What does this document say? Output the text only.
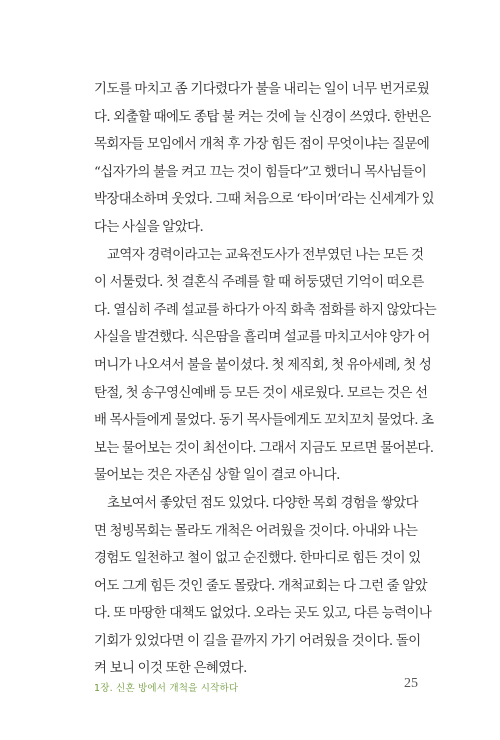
기도를 마치고 좀 기다렸다가 불을 내리는 일이 너무 번거로웠
다. 외출할 때에도 종탑 불 켜는 것에 늘 신경이 쓰였다. 한번은
목회자들 모임에서 개척 후 가장 힘든 점이 무엇이냐는 질문에
“십자가의 불을 켜고 끄는 것이 힘들다”고 했더니 목사님들이
박장대소하며 웃었다. 그때 처음으로 ‘타이머’라는 신세계가 있
다는 사실을 알았다.
교역자 경력이라고는 교육전도사가 전부였던 나는 모든 것
이 서툴렀다. 첫 결혼식 주례를 할 때 허둥댔던 기억이 떠오른
다. 열심히 주례 설교를 하다가 아직 화촉 점화를 하지 않았다는
사실을 발견했다. 식은땀을 흘리며 설교를 마치고서야 양가 어
머니가 나오셔서 불을 붙이셨다. 첫 제직회, 첫 유아세례, 첫 성
탄절, 첫 송구영신예배 등 모든 것이 새로웠다. 모르는 것은 선
배 목사들에게 물었다. 동기 목사들에게도 꼬치꼬치 물었다. 초
보는 물어보는 것이 최선이다. 그래서 지금도 모르면 물어본다.
물어보는 것은 자존심 상할 일이 결코 아니다.
초보여서 좋았던 점도 있었다. 다양한 목회 경험을 쌓았다
면 청빙목회는 몰라도 개척은 어려웠을 것이다. 아내와 나는
경험도 일천하고 철이 없고 순진했다. 한마디로 힘든 것이 있
어도 그게 힘든 것인 줄도 몰랐다. 개척교회는 다 그런 줄 알았
다. 또 마땅한 대책도 없었다. 오라는 곳도 있고, 다른 능력이나
기회가 있었다면 이 길을 끝까지 가기 어려웠을 것이다. 돌이
켜 보니 이것 또한 은혜였다.
1장. 신혼 방에서 개척을 시작하다	25
